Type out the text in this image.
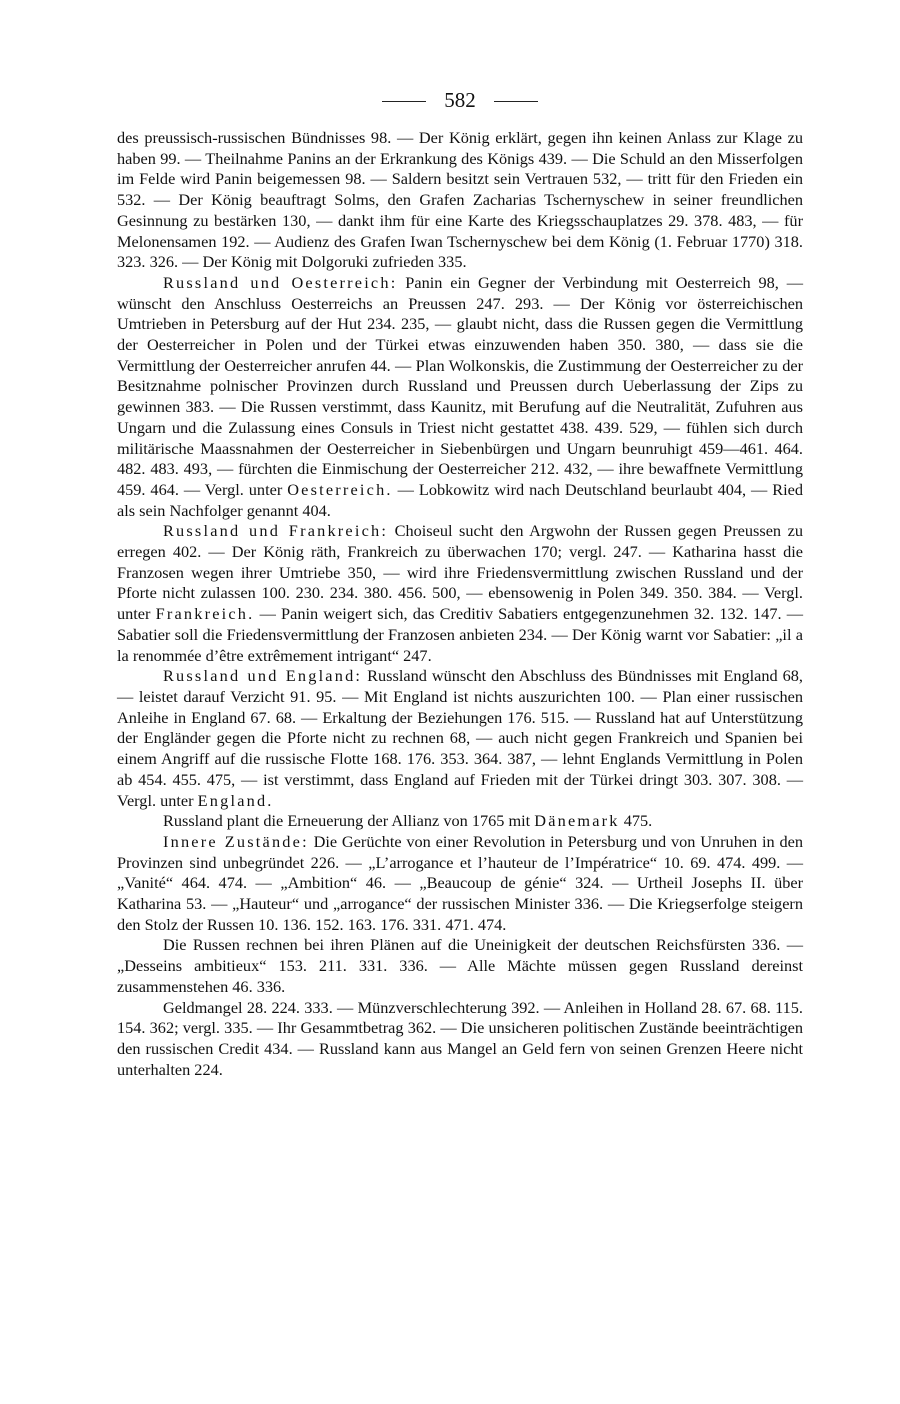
582

des preussisch-russischen Bündnisses 98. — Der König erklärt, gegen ihn keinen Anlass zur Klage zu haben 99. — Theilnahme Panins an der Erkrankung des Königs 439. — Die Schuld an den Misserfolgen im Felde wird Panin beigemessen 98. — Saldern besitzt sein Vertrauen 532, — tritt für den Frieden ein 532. — Der König beauftragt Solms, den Grafen Zacharias Tschernyschew in seiner freundlichen Gesinnung zu bestärken 130, — dankt ihm für eine Karte des Kriegsschauplatzes 29. 378. 483, — für Melonensamen 192. — Audienz des Grafen Iwan Tschernyschew bei dem König (1. Februar 1770) 318. 323. 326. — Der König mit Dolgoruki zufrieden 335.

Russland und Oesterreich: Panin ein Gegner der Verbindung mit Oesterreich 98, — wünscht den Anschluss Oesterreichs an Preussen 247. 293. — Der König vor österreichischen Umtrieben in Petersburg auf der Hut 234. 235, — glaubt nicht, dass die Russen gegen die Vermittlung der Oesterreicher in Polen und der Türkei etwas einzuwenden haben 350. 380, — dass sie die Vermittlung der Oesterreicher anrufen 44. — Plan Wolkonskis, die Zustimmung der Oesterreicher zu der Besitznahme polnischer Provinzen durch Russland und Preussen durch Ueberlassung der Zips zu gewinnen 383. — Die Russen verstimmt, dass Kaunitz, mit Berufung auf die Neutralität, Zufuhren aus Ungarn und die Zulassung eines Consuls in Triest nicht gestattet 438. 439. 529, — fühlen sich durch militärische Maassnahmen der Oesterreicher in Siebenbürgen und Ungarn beunruhigt 459—461. 464. 482. 483. 493, — fürchten die Einmischung der Oesterreicher 212. 432, — ihre bewaffnete Vermittlung 459. 464. — Vergl. unter Oesterreich. — Lobkowitz wird nach Deutschland beurlaubt 404, — Ried als sein Nachfolger genannt 404.

Russland und Frankreich: Choiseul sucht den Argwohn der Russen gegen Preussen zu erregen 402. — Der König räth, Frankreich zu überwachen 170; vergl. 247. — Katharina hasst die Franzosen wegen ihrer Umtriebe 350, — wird ihre Friedensvermittlung zwischen Russland und der Pforte nicht zulassen 100. 230. 234. 380. 456. 500, — ebensowenig in Polen 349. 350. 384. — Vergl. unter Frankreich. — Panin weigert sich, das Creditiv Sabatiers entgegenzunehmen 32. 132. 147. — Sabatier soll die Friedensvermittlung der Franzosen anbieten 234. — Der König warnt vor Sabatier: „il a la renommée d’être extrêmement intrigant“ 247.

Russland und England: Russland wünscht den Abschluss des Bündnisses mit England 68, — leistet darauf Verzicht 91. 95. — Mit England ist nichts auszurichten 100. — Plan einer russischen Anleihe in England 67. 68. — Erkaltung der Beziehungen 176. 515. — Russland hat auf Unterstützung der Engländer gegen die Pforte nicht zu rechnen 68, — auch nicht gegen Frankreich und Spanien bei einem Angriff auf die russische Flotte 168. 176. 353. 364. 387, — lehnt Englands Vermittlung in Polen ab 454. 455. 475, — ist verstimmt, dass England auf Frieden mit der Türkei dringt 303. 307. 308. — Vergl. unter England.

Russland plant die Erneuerung der Allianz von 1765 mit Dänemark 475.

Innere Zustände: Die Gerüchte von einer Revolution in Petersburg und von Unruhen in den Provinzen sind unbegründet 226. — „L’arrogance et l’hauteur de l’Impératrice“ 10. 69. 474. 499. — „Vanité“ 464. 474. — „Ambition“ 46. — „Beaucoup de génie“ 324. — Urtheil Josephs II. über Katharina 53. — „Hauteur“ und „arrogance“ der russischen Minister 336. — Die Kriegserfolge steigern den Stolz der Russen 10. 136. 152. 163. 176. 331. 471. 474.

Die Russen rechnen bei ihren Plänen auf die Uneinigkeit der deutschen Reichsfürsten 336. — „Desseins ambitieux“ 153. 211. 331. 336. — Alle Mächte müssen gegen Russland dereinst zusammenstehen 46. 336.

Geldmangel 28. 224. 333. — Münzverschlechterung 392. — Anleihen in Holland 28. 67. 68. 115. 154. 362; vergl. 335. — Ihr Gesammtbetrag 362. — Die unsicheren politischen Zustände beeinträchtigen den russischen Credit 434. — Russland kann aus Mangel an Geld fern von seinen Grenzen Heere nicht unterhalten 224.
